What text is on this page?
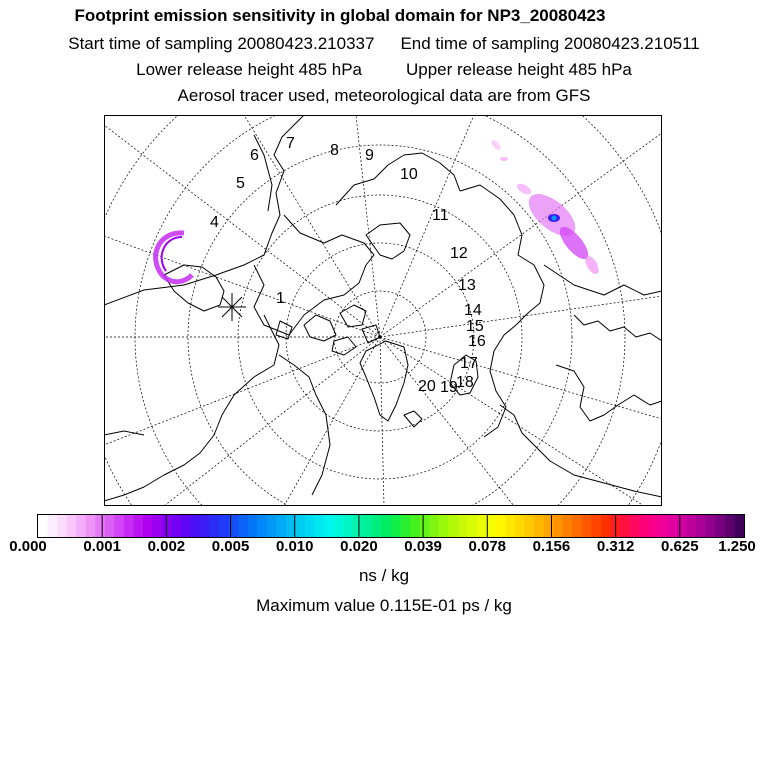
Footprint emission sensitivity in global domain for NP3_20080423
Start time of sampling 20080423.210337 End time of sampling 20080423.210511
Lower release height 485 hPa	Upper release height 485 hPa
Aerosol tracer used, meteorological data are from GFS
1
4
5
6
7 8 9
10
11
12
13
14
15
16
17
18
19
20
0.000 0.001 0.002 0.005 0.010 0.020 0.039 0.078 0.156 0.312 0.625 1.250
ns / kg
Maximum value 0.115E-01 ps / kg
